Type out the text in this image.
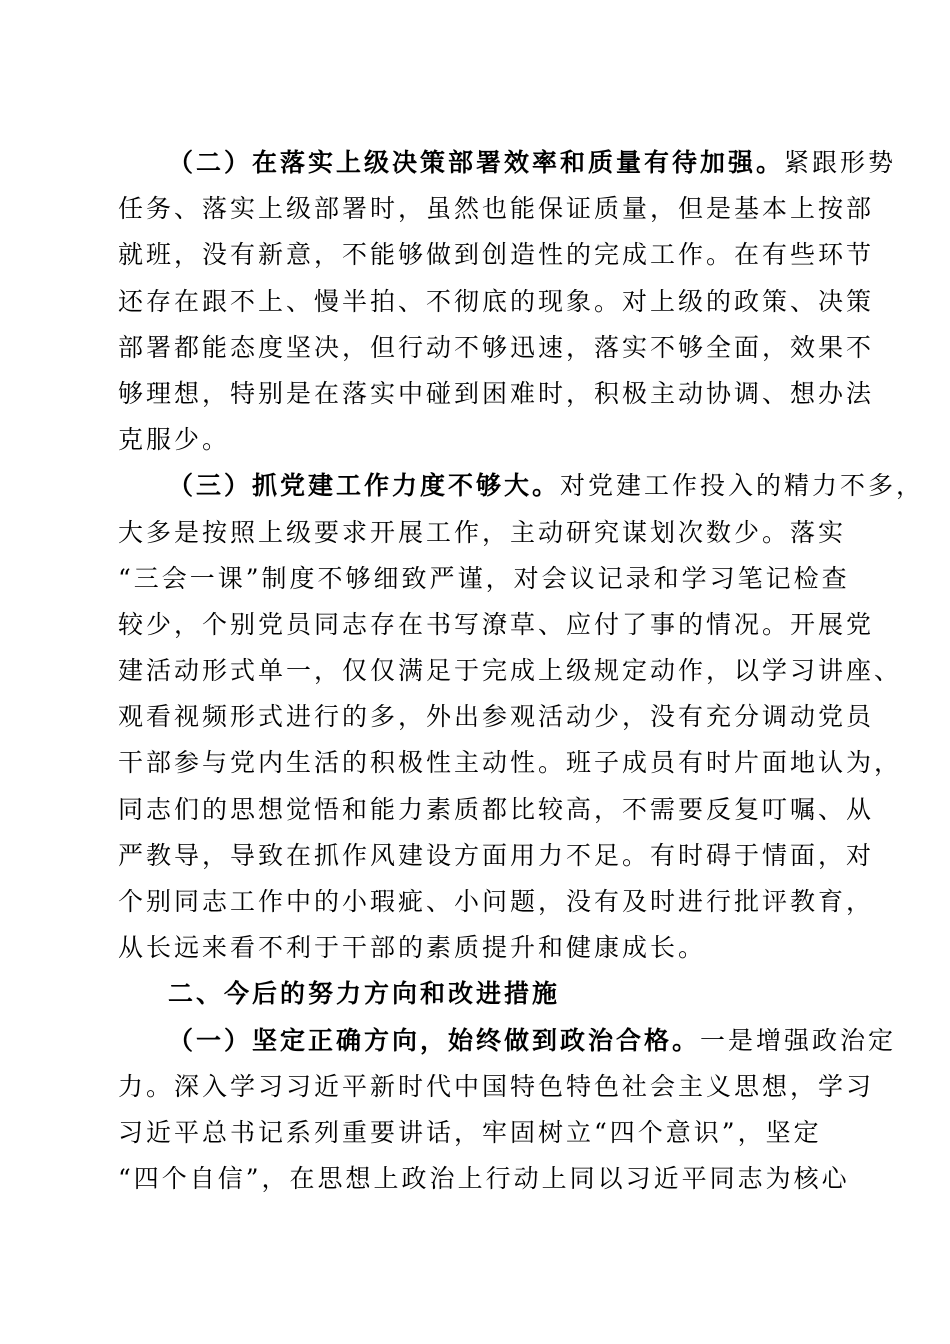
（二）在落实上级决策部署效率和质量有待加强。紧跟形势
任务、落实上级部署时，虽然也能保证质量，但是基本上按部
就班，没有新意，不能够做到创造性的完成工作。在有些环节
还存在跟不上、慢半拍、不彻底的现象。对上级的政策、决策
部署都能态度坚决，但行动不够迅速，落实不够全面，效果不
够理想，特别是在落实中碰到困难时，积极主动协调、想办法
克服少。
（三）抓党建工作力度不够大。对党建工作投入的精力不多，
大多是按照上级要求开展工作，主动研究谋划次数少。落实
“三会一课”制度不够细致严谨，对会议记录和学习笔记检查
较少，个别党员同志存在书写潦草、应付了事的情况。开展党
建活动形式单一，仅仅满足于完成上级规定动作，以学习讲座、
观看视频形式进行的多，外出参观活动少，没有充分调动党员
干部参与党内生活的积极性主动性。班子成员有时片面地认为，
同志们的思想觉悟和能力素质都比较高，不需要反复叮嘱、从
严教导，导致在抓作风建设方面用力不足。有时碍于情面，对
个别同志工作中的小瑕疵、小问题，没有及时进行批评教育，
从长远来看不利于干部的素质提升和健康成长。
二、今后的努力方向和改进措施
（一）坚定正确方向，始终做到政治合格。一是增强政治定
力。深入学习习近平新时代中国特色特色社会主义思想，学习
习近平总书记系列重要讲话，牢固树立“四个意识”，坚定
“四个自信”，在思想上政治上行动上同以习近平同志为核心
